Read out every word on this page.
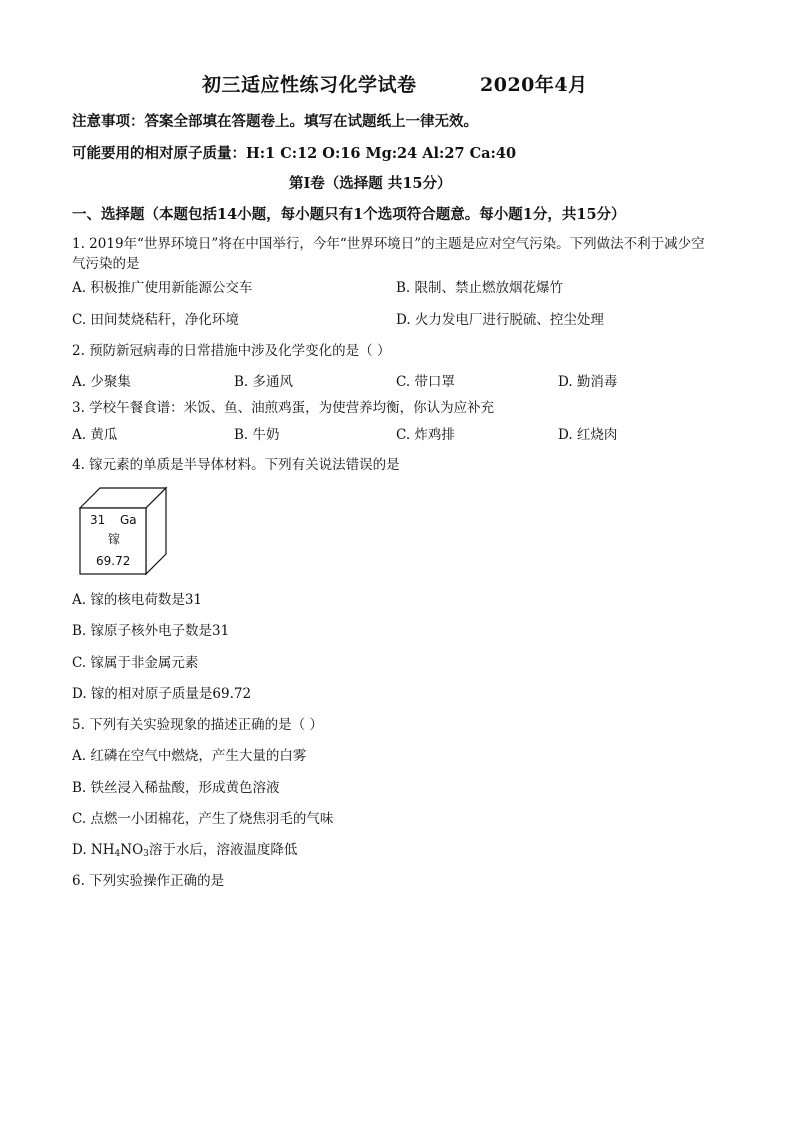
初三适应性练习化学试卷	2020年4月
注意事项：答案全部填在答题卷上。填写在试题纸上一律无效。
可能要用的相对原子质量：H:1 C:12 O:16 Mg:24 Al:27 Ca:40
第Ⅰ卷（选择题 共15分）
一、选择题（本题包括14小题，每小题只有1个选项符合题意。每小题1分，共15分）
1. 2019年“世界环境日”将在中国举行，今年“世界环境日”的主题是应对空气污染。下列做法不利于减少空
气污染的是
A. 积极推广使用新能源公交车	B. 限制、禁止燃放烟花爆竹
C. 田间焚烧秸秆，净化环境	D. 火力发电厂进行脱硫、控尘处理
2. 预防新冠病毒的日常措施中涉及化学变化的是（ ）
A. 少聚集	B. 多通风	C. 带口罩	D. 勤消毒
3. 学校午餐食谱：米饭、鱼、油煎鸡蛋，为使营养均衡，你认为应补充
A. 黄瓜	B. 牛奶	C. 炸鸡排	D. 红烧肉
4. 镓元素的单质是半导体材料。下列有关说法错误的是
31 Ga
镓
69.72
A. 镓的核电荷数是31
B. 镓原子核外电子数是31
C. 镓属于非金属元素
D. 镓的相对原子质量是69.72
5. 下列有关实验现象的描述正确的是（ ）
A. 红磷在空气中燃烧，产生大量的白雾
B. 铁丝浸入稀盐酸，形成黄色溶液
C. 点燃一小团棉花，产生了烧焦羽毛的气味
D. $NH_4NO_3$溶于水后，溶液温度降低
6. 下列实验操作正确的是
